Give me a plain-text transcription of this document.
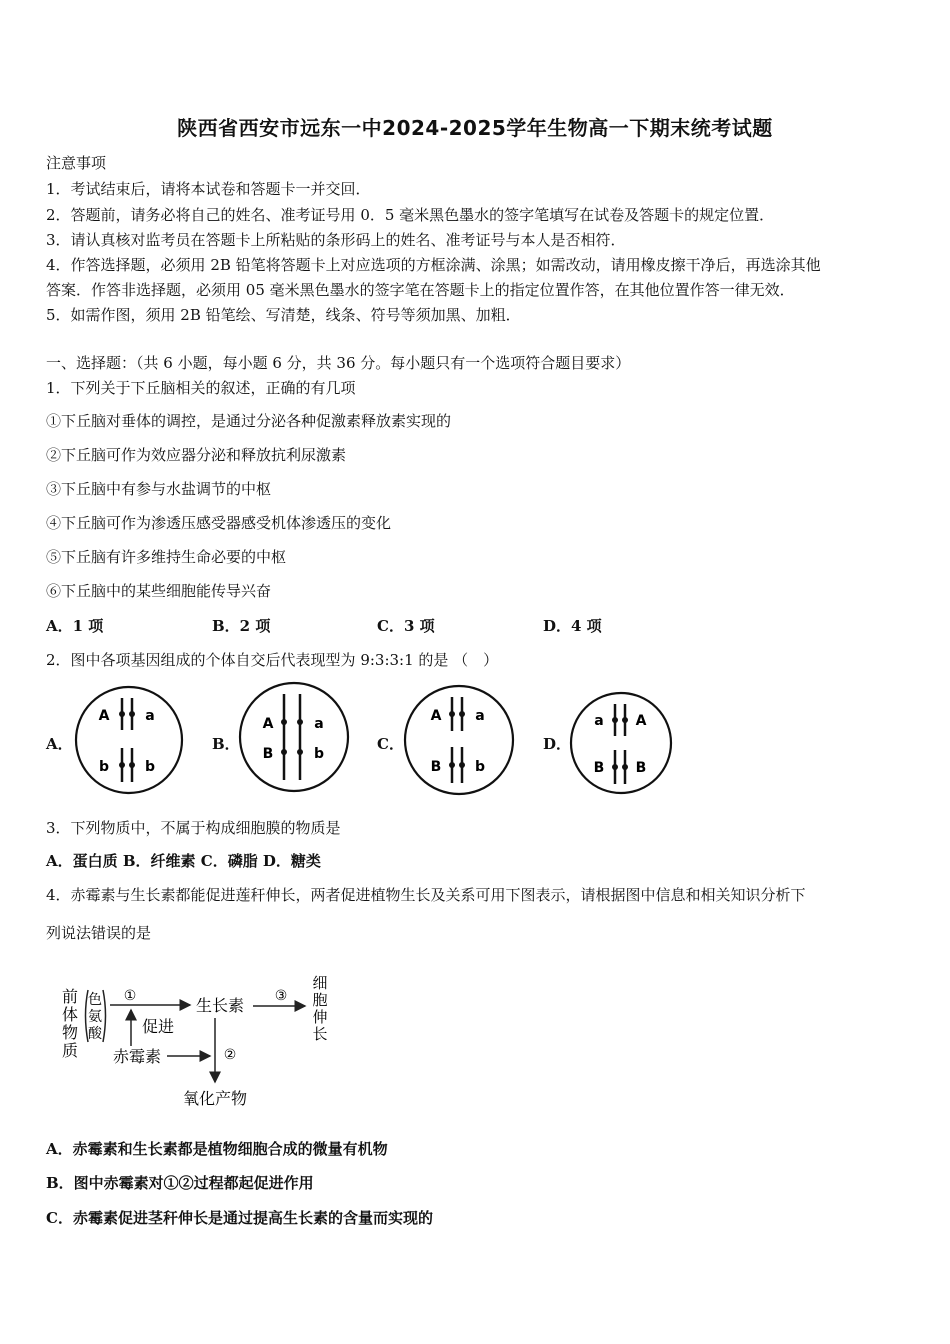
陕西省西安市远东一中2024-2025学年生物高一下期末统考试题
注意事项
1．考试结束后，请将本试卷和答题卡一并交回．
2．答题前，请务必将自己的姓名、准考证号用 0．5 毫米黑色墨水的签字笔填写在试卷及答题卡的规定位置．
3．请认真核对监考员在答题卡上所粘贴的条形码上的姓名、准考证号与本人是否相符．
4．作答选择题，必须用 2B 铅笔将答题卡上对应选项的方框涂满、涂黑；如需改动，请用橡皮擦干净后，再选涂其他
答案．作答非选择题，必须用 05 毫米黑色墨水的签字笔在答题卡上的指定位置作答，在其他位置作答一律无效．
5．如需作图，须用 2B 铅笔绘、写清楚，线条、符号等须加黑、加粗．
一、选择题：（共 6 小题，每小题 6 分，共 36 分。每小题只有一个选项符合题目要求）
1．下列关于下丘脑相关的叙述，正确的有几项
①下丘脑对垂体的调控，是通过分泌各种促激素释放素实现的
②下丘脑可作为效应器分泌和释放抗利尿激素
③下丘脑中有参与水盐调节的中枢
④下丘脑可作为渗透压感受器感受机体渗透压的变化
⑤下丘脑有许多维持生命必要的中枢
⑥下丘脑中的某些细胞能传导兴奋
A．1 项	B．2 项	C．3 项	D．4 项
2．图中各项基因组成的个体自交后代表现型为 9:3:3:1 的是 （　）
A．
A	a
b	b
B．
A	a
B	b
C．
A a
B b
D．
a A
B B
3．下列物质中，不属于构成细胞膜的物质是
A．蛋白质 B．纤维素 C．磷脂 D．糖类
4．赤霉素与生长素都能促进莲秆伸长，两者促进植物生长及关系可用下图表示，请根据图中信息和相关知识分析下
列说法错误的是
前
体
物
质
色
氨
酸
①	生长素 ③
细
胞
伸
长
促进
赤霉素	②
氧化产物
A．赤霉素和生长素都是植物细胞合成的微量有机物
B．图中赤霉素对①②过程都起促进作用
C．赤霉素促进茎秆伸长是通过提高生长素的含量而实现的
